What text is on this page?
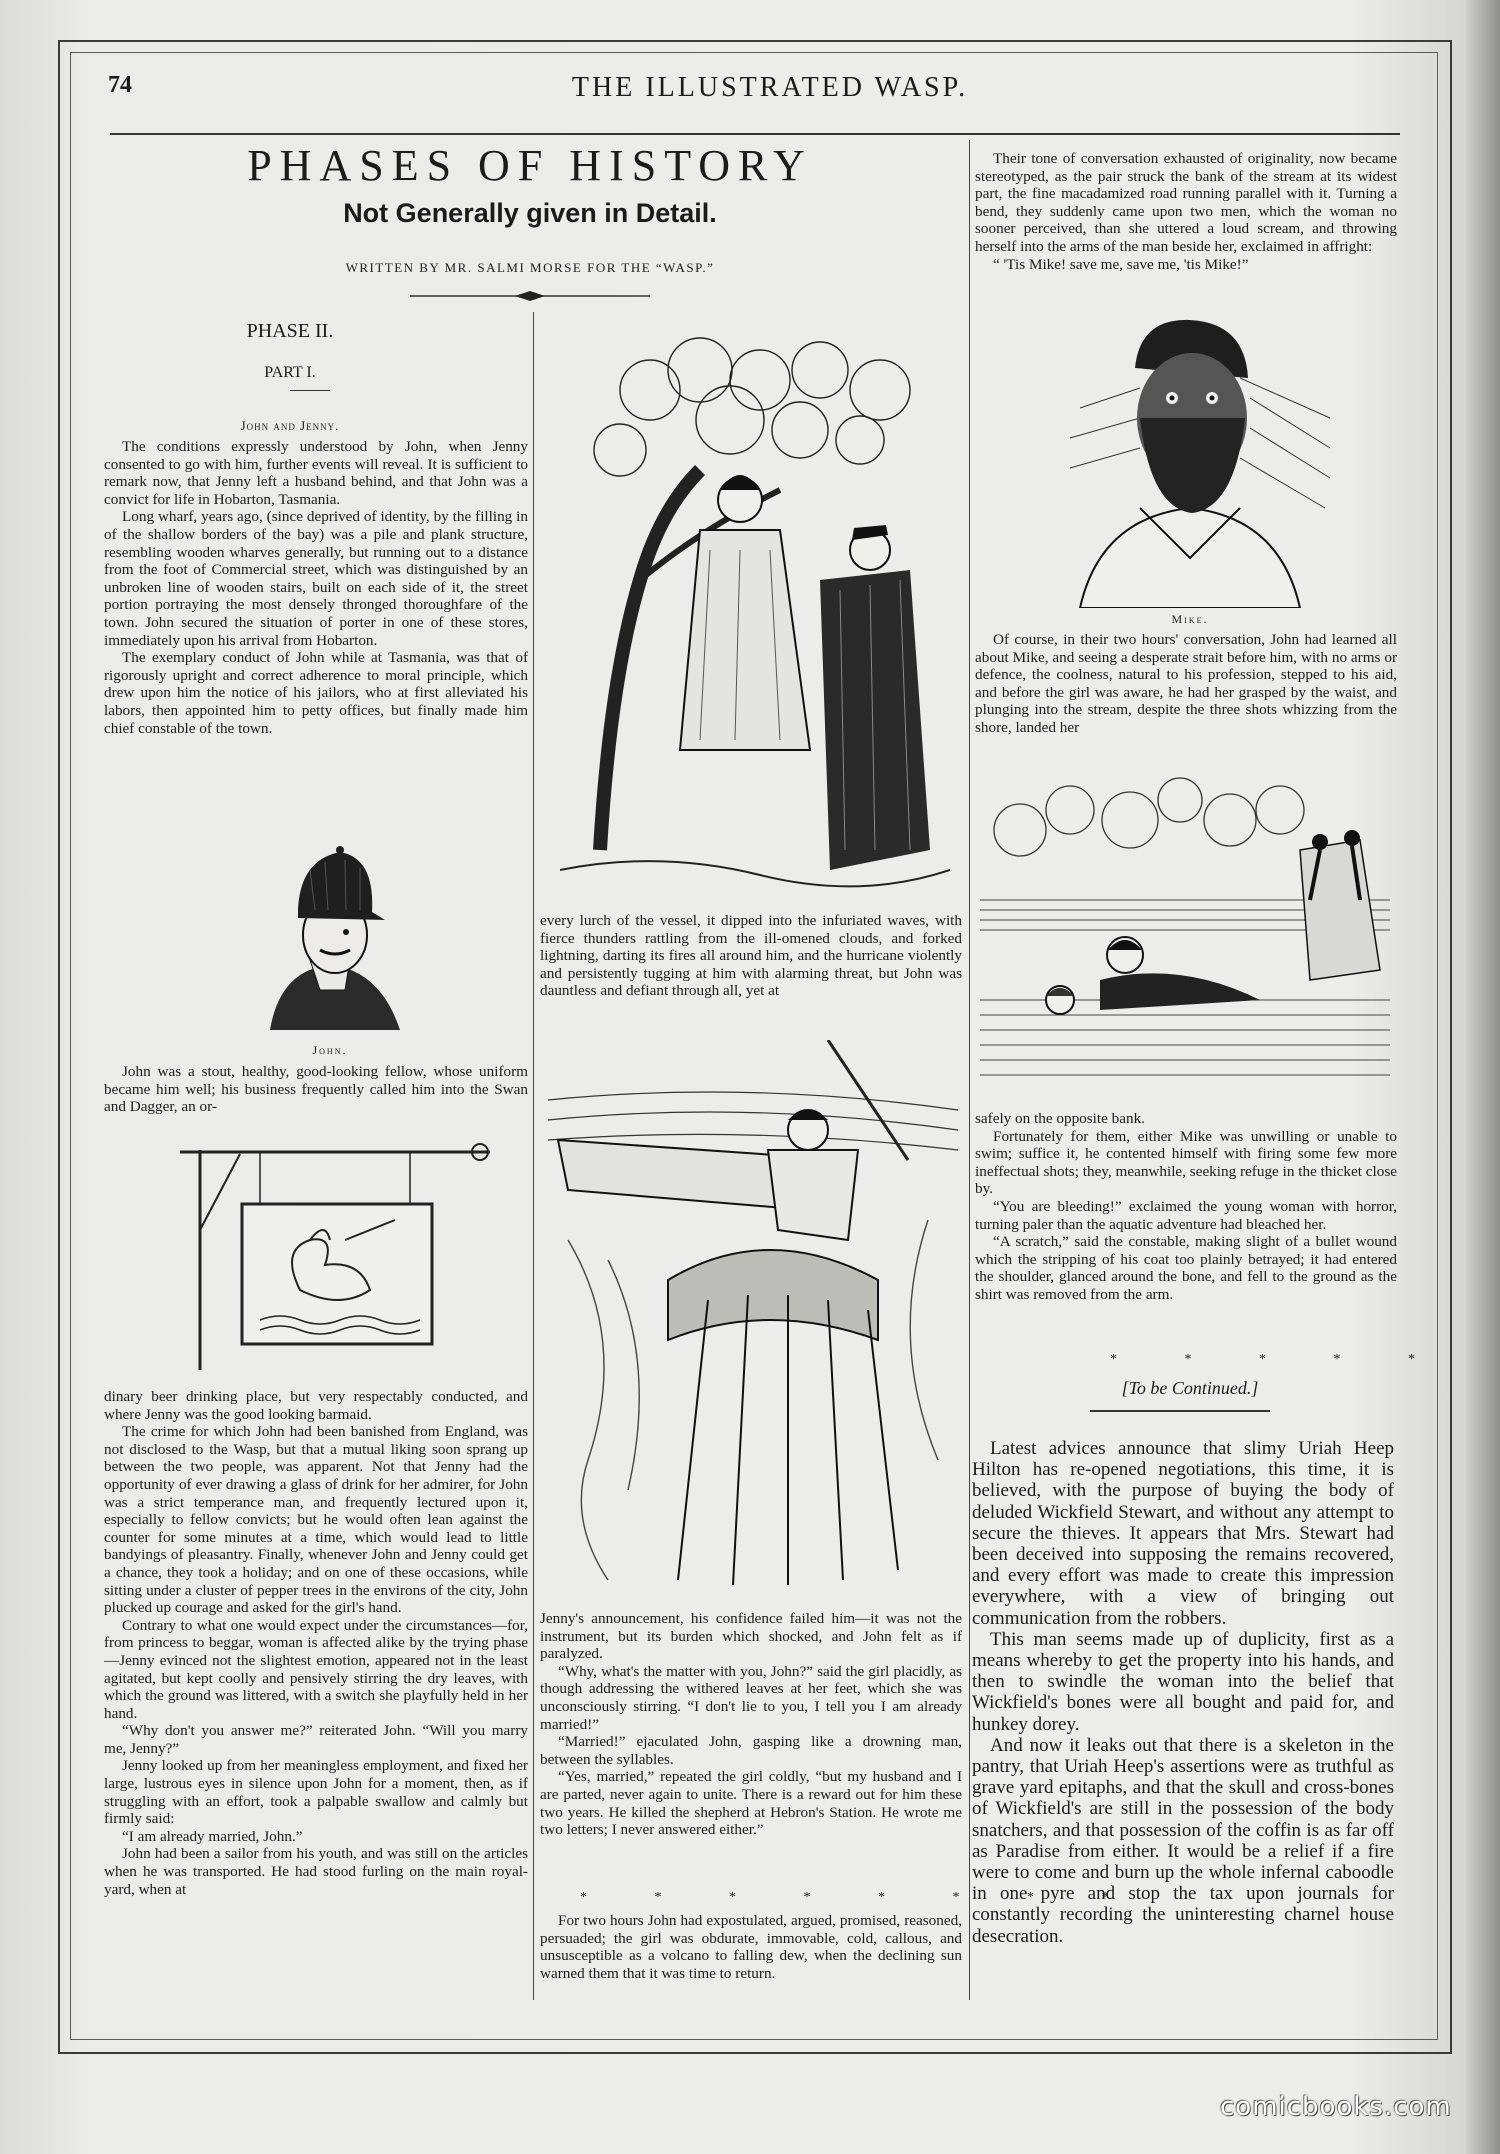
74	THE ILLUSTRATED WASP.
PHASES OF HISTORY
Not Generally given in Detail.
WRITTEN BY MR. SALMI MORSE FOR THE “WASP.”
PHASE II.
PART I.
John and Jenny.

The conditions expressly understood by John, when Jenny consented to go with him, further events will reveal. It is sufficient to remark now, that Jenny left a husband behind, and that John was a convict for life in Hobarton, Tasmania.

Long wharf, years ago, (since deprived of identity, by the filling in of the shallow borders of the bay) was a pile and plank structure, resembling wooden wharves generally, but running out to a distance from the foot of Commercial street, which was distinguished by an unbroken line of wooden stairs, built on each side of it, the street portion portraying the most densely thronged thoroughfare of the town. John secured the situation of porter in one of these stores, immediately upon his arrival from Hobarton.

The exemplary conduct of John while at Tasmania, was that of rigorously upright and correct adherence to moral principle, which drew upon him the notice of his jailors, who at first alleviated his labors, then appointed him to petty offices, but finally made him chief constable of the town.

John.

John was a stout, healthy, good-looking fellow, whose uniform became him well; his business frequently called him into the Swan and Dagger, an or-

dinary beer drinking place, but very respectably conducted, and where Jenny was the good looking barmaid.

The crime for which John had been banished from England, was not disclosed to the Wasp, but that a mutual liking soon sprang up between the two people, was apparent. Not that Jenny had the opportunity of ever drawing a glass of drink for her admirer, for John was a strict temperance man, and frequently lectured upon it, especially to fellow convicts; but he would often lean against the counter for some minutes at a time, which would lead to little bandyings of pleasantry. Finally, whenever John and Jenny could get a chance, they took a holiday; and on one of these occasions, while sitting under a cluster of pepper trees in the environs of the city, John plucked up courage and asked for the girl's hand.

Contrary to what one would expect under the circumstances—for, from princess to beggar, woman is affected alike by the trying phase—Jenny evinced not the slightest emotion, appeared not in the least agitated, but kept coolly and pensively stirring the dry leaves, with which the ground was littered, with a switch she playfully held in her hand.

“Why don't you answer me?” reiterated John. “Will you marry me, Jenny?”

Jenny looked up from her meaningless employment, and fixed her large, lustrous eyes in silence upon John for a moment, then, as if struggling with an effort, took a palpable swallow and calmly but firmly said:

“I am already married, John.”

John had been a sailor from his youth, and was still on the articles when he was transported. He had stood furling on the main royal-yard, when at

every lurch of the vessel, it dipped into the infuriated waves, with fierce thunders rattling from the ill-omened clouds, and forked lightning, darting its fires all around him, and the hurricane violently and persistently tugging at him with alarming threat, but John was dauntless and defiant through all, yet at

Jenny's announcement, his confidence failed him—it was not the instrument, but its burden which shocked, and John felt as if paralyzed.

“Why, what's the matter with you, John?” said the girl placidly, as though addressing the withered leaves at her feet, which she was unconsciously stirring. “I don't lie to you, I tell you I am already married!”

“Married!” ejaculated John, gasping like a drowning man, between the syllables.

“Yes, married,” repeated the girl coldly, “but my husband and I are parted, never again to unite. There is a reward out for him these two years. He killed the shepherd at Hebron's Station. He wrote me two letters; I never answered either.”

* * * * * * * *

For two hours John had expostulated, argued, promised, reasoned, persuaded; the girl was obdurate, immovable, cold, callous, and unsusceptible as a volcano to falling dew, when the declining sun warned them that it was time to return.

Their tone of conversation exhausted of originality, now became stereotyped, as the pair struck the bank of the stream at its widest part, the fine macadamized road running parallel with it. Turning a bend, they suddenly came upon two men, which the woman no sooner perceived, than she uttered a loud scream, and throwing herself into the arms of the man beside her, exclaimed in affright:

“ 'Tis Mike! save me, save me, 'tis Mike!”

Mike.

Of course, in their two hours' conversation, John had learned all about Mike, and seeing a desperate strait before him, with no arms or defence, the coolness, natural to his profession, stepped to his aid, and before the girl was aware, he had her grasped by the waist, and plunging into the stream, despite the three shots whizzing from the shore, landed her

safely on the opposite bank.

Fortunately for them, either Mike was unwilling or unable to swim; suffice it, he contented himself with firing some few more ineffectual shots; they, meanwhile, seeking refuge in the thicket close by.

“You are bleeding!” exclaimed the young woman with horror, turning paler than the aquatic adventure had bleached her.

“A scratch,” said the constable, making slight of a bullet wound which the stripping of his coat too plainly betrayed; it had entered the shoulder, glanced around the bone, and fell to the ground as the shirt was removed from the arm.

* * * * *
[To be Continued.]

Latest advices announce that slimy Uriah Heep Hilton has re-opened negotiations, this time, it is believed, with the purpose of buying the body of deluded Wickfield Stewart, and without any attempt to secure the thieves. It appears that Mrs. Stewart had been deceived into supposing the remains recovered, and every effort was made to create this impression everywhere, with a view of bringing out communication from the robbers.

This man seems made up of duplicity, first as a means whereby to get the property into his hands, and then to swindle the woman into the belief that Wickfield's bones were all bought and paid for, and hunkey dorey.

And now it leaks out that there is a skeleton in the pantry, that Uriah Heep's assertions were as truthful as grave yard epitaphs, and that the skull and cross-bones of Wickfield's are still in the possession of the body snatchers, and that possession of the coffin is as far off as Paradise from either. It would be a relief if a fire were to come and burn up the whole infernal caboodle in one pyre and stop the tax upon journals for constantly recording the uninteresting charnel house desecration.

comicbooks.com
